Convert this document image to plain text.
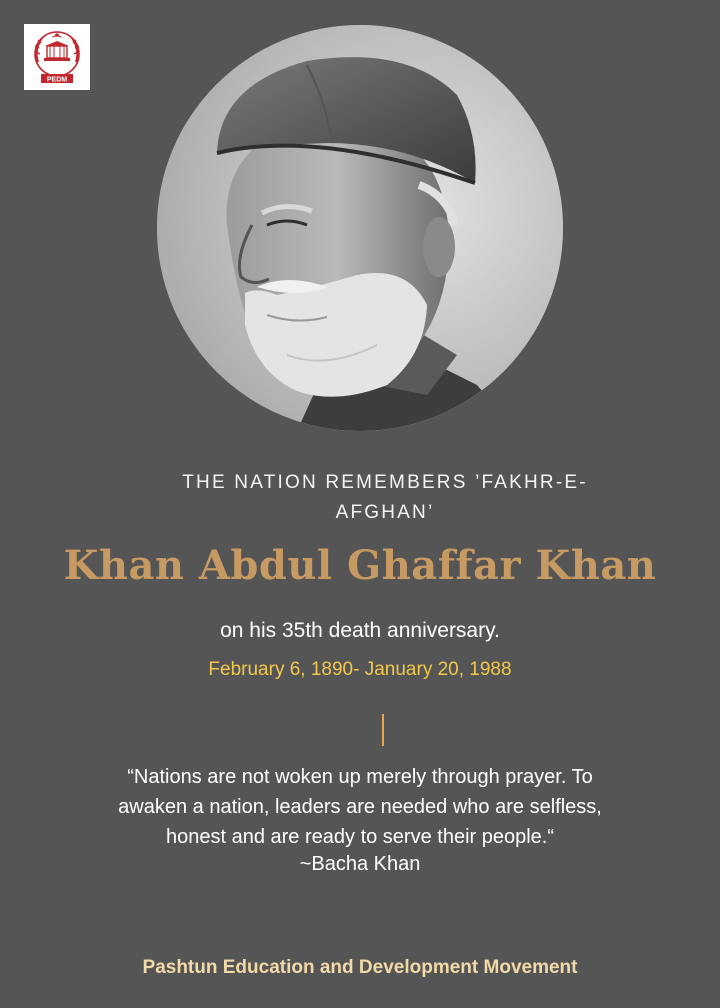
PEDM
THE NATION REMEMBERS ’FAKHR-E-AFGHAN’
Khan Abdul Ghaffar Khan
on his 35th death anniversary.
February 6, 1890- January 20, 1988
“Nations are not woken up merely through prayer. To
awaken a nation, leaders are needed who are selfless,
honest and are ready to serve their people.“
~Bacha Khan
Pashtun Education and Development Movement
